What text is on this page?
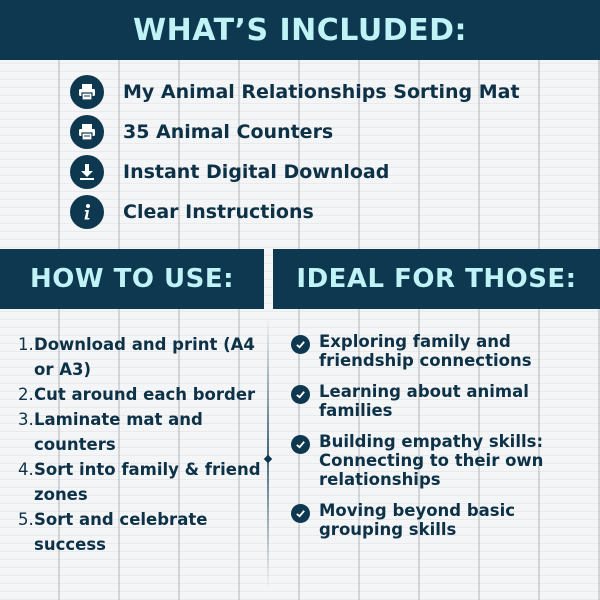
WHAT’S INCLUDED:
My Animal Relationships Sorting Mat
35 Animal Counters
Instant Digital Download
Clear Instructions
HOW TO USE: IDEAL FOR THOSE:
1. Download and print (A4 or A3)
2. Cut around each border
3. Laminate mat and counters
4. Sort into family & friend zones
5. Sort and celebrate success
Exploring family and friendship connections
Learning about animal families
Building empathy skills: Connecting to their own relationships
Moving beyond basic grouping skills
